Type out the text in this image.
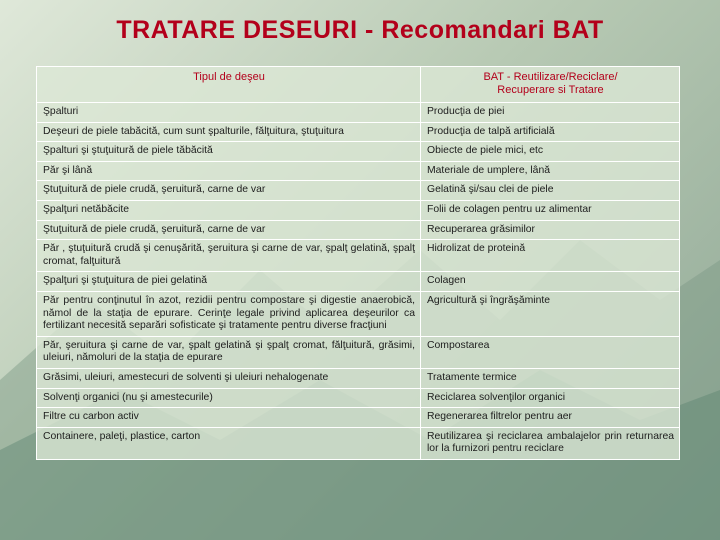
TRATARE DESEURI - Recomandari BAT
Tipul de deşeu	BAT - Reutilizare/Reciclare/
Recuperare si Tratare

Şpalturi	Producţia de piei
Deşeuri de piele tabăcită, cum sunt şpalturile, fălţuitura, ştuţuitura	Producţia de talpă artificială
Şpalturi şi ştuţuitură de piele tăbăcită	Obiecte de piele mici, etc
Păr şi lână	Materiale de umplere, lână
Ştuţuitură de piele crudă, şeruitură, carne de var	Gelatină şi/sau clei de piele
Şpalţuri netăbăcite	Folii de colagen pentru uz alimentar
Ştuţuitură de piele crudă, şeruitură, carne de var	Recuperarea grăsimilor
Păr , ştuţuitură crudă şi cenuşărită, şeruitura şi carne de var, şpalţ gelatină, şpalţ cromat, falţuitură	Hidrolizat de proteină
Şpalţuri şi ştuţuitura de piei gelatină	Colagen
Păr pentru conţinutul în azot, rezidii pentru compostare şi digestie anaerobică, nămol de la staţia de epurare. Cerinţe legale privind aplicarea deşeurilor ca fertilizant necesită separări sofisticate şi tratamente pentru diverse fracţiuni	Agricultură şi îngrăşăminte
Păr, şeruitura şi carne de var, şpalt gelatină şi şpalţ cromat, fălţuitură, grăsimi, uleiuri, nămoluri de la staţia de epurare	Compostarea
Grăsimi, uleiuri, amestecuri de solventi şi uleiuri nehalogenate	Tratamente termice
Solvenţi organici (nu şi amestecurile)	Reciclarea solvenţilor organici
Filtre cu carbon activ	Regenerarea filtrelor pentru aer
Containere, paleţi, plastice, carton	Reutilizarea şi reciclarea ambalajelor prin returnarea lor la furnizori pentru reciclare
